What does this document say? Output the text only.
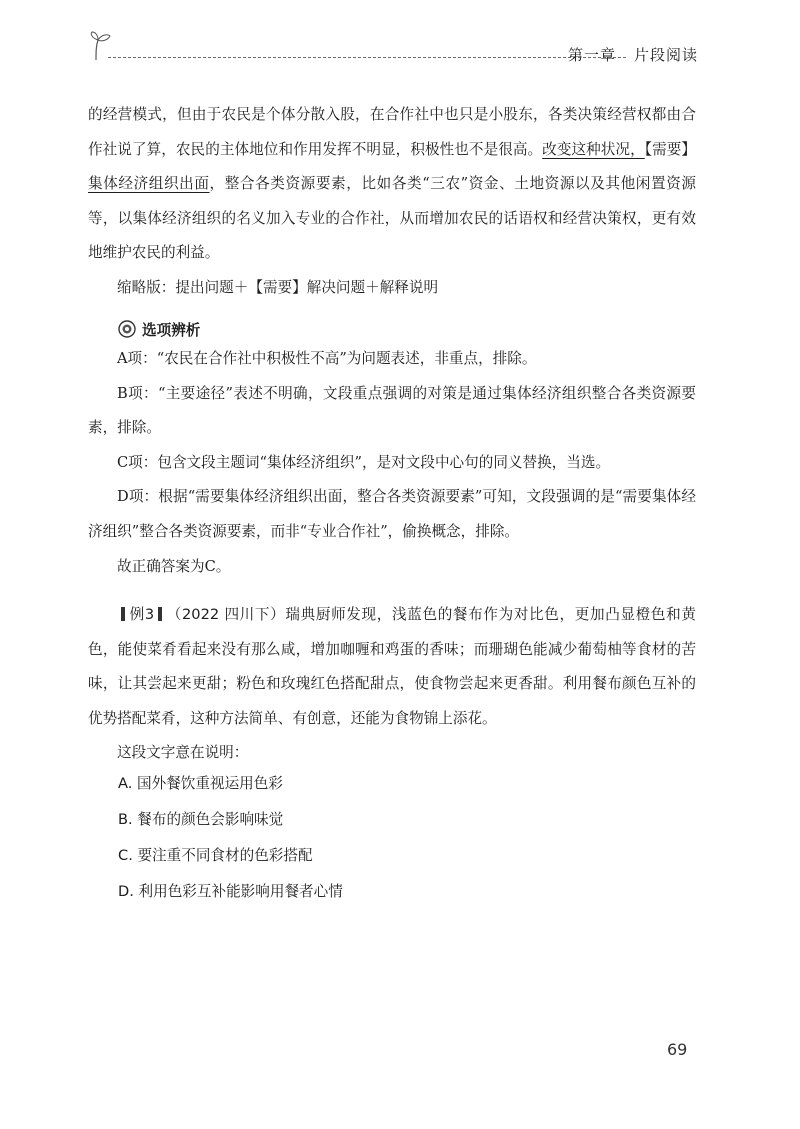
第一章 片段阅读

的经营模式，但由于农民是个体分散入股，在合作社中也只是小股东，各类决策经营权都由合作社说了算，农民的主体地位和作用发挥不明显，积极性也不是很高。改变这种状况，【需要】集体经济组织出面，整合各类资源要素，比如各类“三农”资金、土地资源以及其他闲置资源等，以集体经济组织的名义加入专业的合作社，从而增加农民的话语权和经营决策权，更有效地维护农民的利益。

缩略版：提出问题＋【需要】解决问题＋解释说明

选项辨析

A项：“农民在合作社中积极性不高”为问题表述，非重点，排除。

B项：“主要途径”表述不明确，文段重点强调的对策是通过集体经济组织整合各类资源要素，排除。

C项：包含文段主题词“集体经济组织”，是对文段中心句的同义替换，当选。

D项：根据“需要集体经济组织出面，整合各类资源要素”可知，文段强调的是“需要集体经济组织”整合各类资源要素，而非“专业合作社”，偷换概念，排除。

故正确答案为C。

例3 （2022 四川下）瑞典厨师发现，浅蓝色的餐布作为对比色，更加凸显橙色和黄色，能使菜肴看起来没有那么咸，增加咖喱和鸡蛋的香味；而珊瑚色能减少葡萄柚等食材的苦味，让其尝起来更甜；粉色和玫瑰红色搭配甜点，使食物尝起来更香甜。利用餐布颜色互补的优势搭配菜肴，这种方法简单、有创意，还能为食物锦上添花。

这段文字意在说明：

A. 国外餐饮重视运用色彩
B. 餐布的颜色会影响味觉
C. 要注重不同食材的色彩搭配
D. 利用色彩互补能影响用餐者心情
69
